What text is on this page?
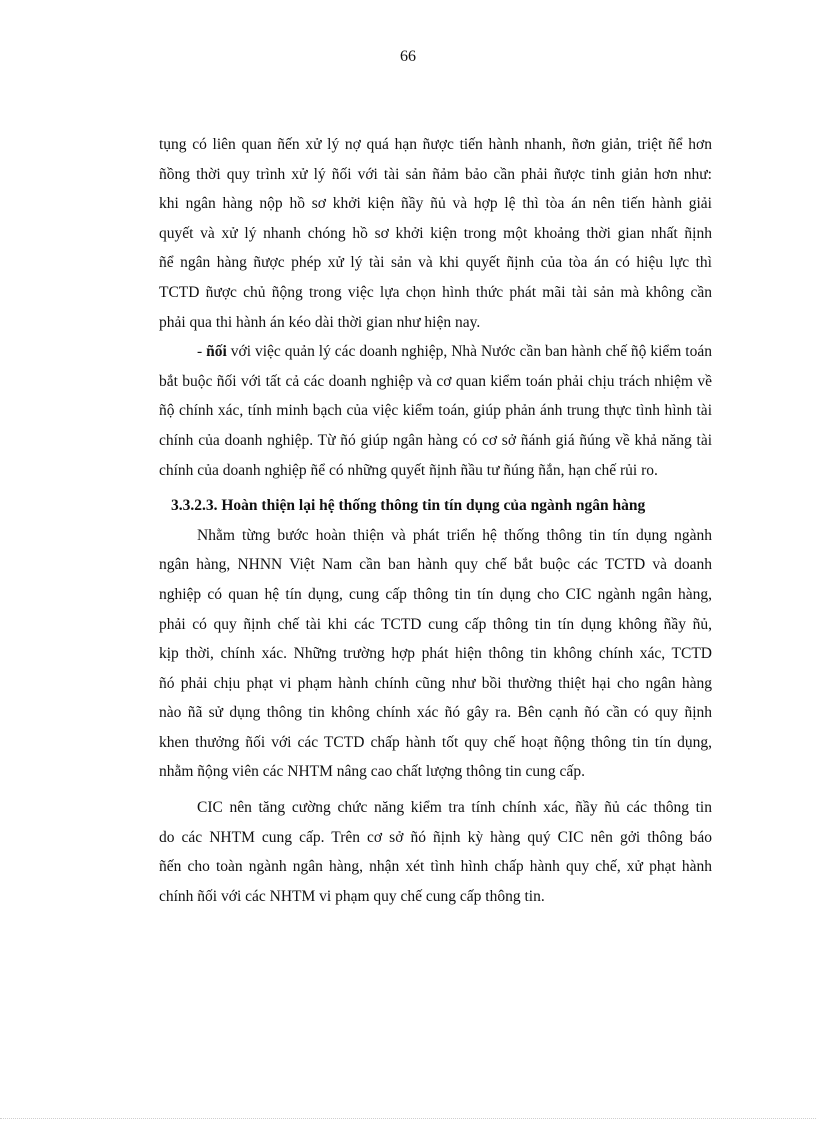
66
tụng có liên quan ñến xử lý nợ quá hạn ñược tiến hành nhanh, ñơn giản, triệt ñể hơn
ñồng thời quy trình xử lý ñối với tài sản ñảm bảo cần phải ñược tinh giản hơn như:
khi ngân hàng nộp hồ sơ khởi kiện ñầy ñủ và hợp lệ thì tòa án nên tiến hành giải
quyết và xử lý nhanh chóng hồ sơ khởi kiện trong một khoảng thời gian nhất ñịnh
ñể ngân hàng ñược phép xử lý tài sản và khi quyết ñịnh của tòa án có hiệu lực thì
TCTD ñược chủ ñộng trong việc lựa chọn hình thức phát mãi tài sản mà không cần
phải qua thi hành án kéo dài thời gian như hiện nay.
- ñối với việc quản lý các doanh nghiệp, Nhà Nước cần ban hành chế ñộ kiểm toán
bắt buộc ñối với tất cả các doanh nghiệp và cơ quan kiểm toán phải chịu trách nhiệm về
ñộ chính xác, tính minh bạch của việc kiểm toán, giúp phản ánh trung thực tình hình tài
chính của doanh nghiệp. Từ ñó giúp ngân hàng có cơ sở ñánh giá ñúng về khả năng tài
chính của doanh nghiệp ñể có những quyết ñịnh ñầu tư ñúng ñắn, hạn chế rủi ro.
3.3.2.3. Hoàn thiện lại hệ thống thông tin tín dụng của ngành ngân hàng
Nhằm từng bước hoàn thiện và phát triển hệ thống thông tin tín dụng ngành
ngân hàng, NHNN Việt Nam cần ban hành quy chế bắt buộc các TCTD và doanh
nghiệp có quan hệ tín dụng, cung cấp thông tin tín dụng cho CIC ngành ngân hàng,
phải có quy ñịnh chế tài khi các TCTD cung cấp thông tin tín dụng không ñầy ñủ,
kịp thời, chính xác. Những trường hợp phát hiện thông tin không chính xác, TCTD
ñó phải chịu phạt vi phạm hành chính cũng như bồi thường thiệt hại cho ngân hàng
nào ñã sử dụng thông tin không chính xác ñó gây ra. Bên cạnh ñó cần có quy ñịnh
khen thưởng ñối với các TCTD chấp hành tốt quy chế hoạt ñộng thông tin tín dụng,
nhằm ñộng viên các NHTM nâng cao chất lượng thông tin cung cấp.
CIC nên tăng cường chức năng kiểm tra tính chính xác, ñầy ñủ các thông tin
do các NHTM cung cấp. Trên cơ sở ñó ñịnh kỳ hàng quý CIC nên gởi thông báo
ñến cho toàn ngành ngân hàng, nhận xét tình hình chấp hành quy chế, xử phạt hành
chính ñối với các NHTM vi phạm quy chế cung cấp thông tin.
